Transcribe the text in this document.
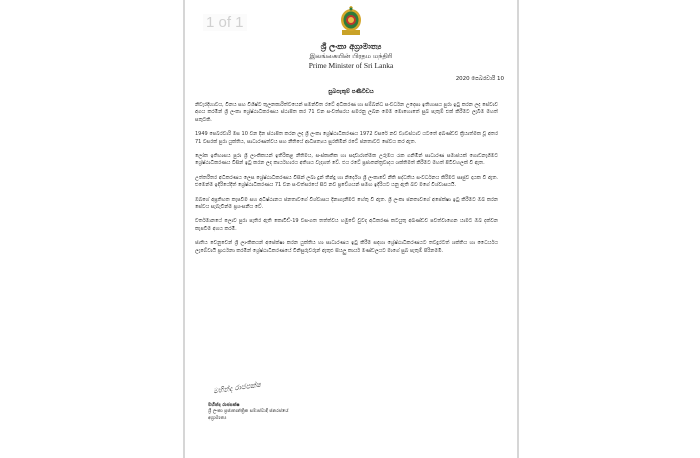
1 of 1
ශ්‍රී ලංකා අග්‍රාමාත්‍ය
இலங்கையின் பிரதம மந்திரி
Prime Minister of Sri Lanka
2020 පෙබරවාරි 10
සුබපැතුම් පණිවිඩය

නිවැරදිභාවය, විනය සහ විශිෂ්ට තුලනකාරිත්වයෙන් සමන්විත රටේ අධිකරණ හා සම්බන්ධ සංවර්ධන උදෙසා ඉතිහාසය පුරා ඉටු කරන ලද සේවාව අගය කරමින් ශ්‍රී ලංකා ශ්‍රේෂ්ඨාධිකරණය ස්ථාපිත කර 71 වන සංවත්සරය සමරනු ලබන මෙම මොහොතේ සුබ පැතුම් එක් කිරීමට ලැබීම මහත් සතුටකි.

1949 පෙබරවාරි මස 10 වන දින ස්ථාපිත කරන ලද ශ්‍රී ලංකා ශ්‍රේෂ්ඨාධිකරණය 1972 වසරේ නව ව්‍යවස්ථාව යටතේ අඛණ්ඩව ක්‍රියාත්මක වූ අතර 71 වසරක් පුරා යුක්තිය, සාධාරණත්වය සහ නීතියේ ආධිපත්‍යය සුරකිමින් රටේ ජනතාවට සේවය කර ඇත.

ලෝක ඉතිහාසය පුරා ශ්‍රී ලාංකිකයන් ඉතිරිකළ නීතිමය, සංස්කෘතික හා සදාචාරාත්මක උරුමය රැක ගනිමින් සාධාරණ සමාජයක් ගොඩනැගීමට ශ්‍රේෂ්ඨාධිකරණය විසින් ඉටු කරන ලද කාර්යභාරය අතිශය වැදගත් වේ. එය රටේ ප්‍රජාතන්ත්‍රවාදය ශක්තිමත් කිරීමට මහත් පිටිවහලක් වී ඇත.

උත්තරීතර අධිකරණය ලෙස ශ්‍රේෂ්ඨාධිකරණය විසින් ලබා දුන් තීන්දු හා නිර්දේශ ශ්‍රී ලංකාවේ නීති පද්ධතිය සංවර්ධනය කිරීමට සෘජුව දායක වී ඇත. එමෙන්ම ඉදිරියේදීත් ශ්‍රේෂ්ඨාධිකරණය 71 වන සංවත්සරයේ සිට නව ප්‍රවේශයන් සමඟ ඉදිරියට යනු ඇති බව මගේ විශ්වාසයයි.

ඔබගේ අප්‍රතිහත කැපවීම සහ අධිෂ්ඨානය ජනතාවගේ විශ්වාසය දිනාගැනීමට හේතු වී ඇත. ශ්‍රී ලංකා ජනතාවගේ අපේක්ෂා ඉටු කිරීමට ඔබ කරන සේවය සැබැවින්ම ප්‍රශංසනීය වේ.

වර්තමානයේ ලොව පුරා පැතිර ඇති කොවිඩ්-19 වසංගත තත්ත්වය හමුවේ වුවද අධිකරණ කටයුතු අඛණ්ඩව පවත්වාගෙන යාමට ඔබ දක්වන කැපවීම අගය කරමි.

ජාතිය වෙනුවෙන් ශ්‍රී ලාංකිකයන් අපේක්ෂා කරන යුක්තිය හා සාධාරණය ඉටු කිරීම සඳහා ශ්‍රේෂ්ඨාධිකරණයට තවදුරටත් ශක්තිය හා ධෛර්යය ලැබේවායි ප්‍රාර්ථනා කරමින් ශ්‍රේෂ්ඨාධිකරණයේ විනිසුරුවරුන් ඇතුළු සියලු කාර්ය මණ්ඩලයට මාගේ සුබ පැතුම් පිරිනමමි.

මහින්ද රාජපක්ෂ
මහින්ද රාජපක්ෂ
ශ්‍රී ලංකා ප්‍රජාතාන්ත්‍රික සමාජවාදී ජනරජයේ
අග්‍රාමාත්‍ය
